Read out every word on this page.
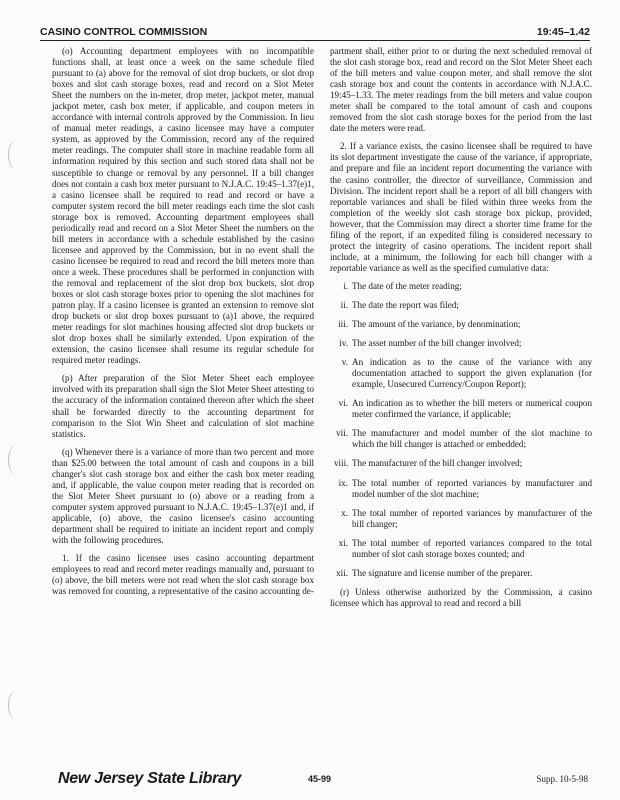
CASINO CONTROL COMMISSION	19:45–1.42

(o) Accounting department employees with no incompatible functions shall, at least once a week on the same schedule filed pursuant to (a) above for the removal of slot drop buckets, or slot drop boxes and slot cash storage boxes, read and record on a Slot Meter Sheet the numbers on the in-meter, drop meter, jackpot meter, manual jackpot meter, cash box meter, if applicable, and coupon meters in accordance with internal controls approved by the Commission. In lieu of manual meter readings, a casino licensee may have a computer system, as approved by the Commission, record any of the required meter readings. The computer shall store in machine readable form all information required by this section and such stored data shall not be susceptible to change or removal by any personnel. If a bill changer does not contain a cash box meter pursuant to N.J.A.C. 19:45–1.37(e)1, a casino licensee shall be required to read and record or have a computer system record the bill meter readings each time the slot cash storage box is removed. Accounting department employees shall periodically read and record on a Slot Meter Sheet the numbers on the bill meters in accordance with a schedule established by the casino licensee and approved by the Commission, but in no event shall the casino licensee be required to read and record the bill meters more than once a week. These procedures shall be performed in conjunction with the removal and replacement of the slot drop box buckets, slot drop boxes or slot cash storage boxes prior to opening the slot machines for patron play. If a casino licensee is granted an extension to remove slot drop buckets or slot drop boxes pursuant to (a)1 above, the required meter readings for slot machines housing affected slot drop buckets or slot drop boxes shall be similarly extended. Upon expiration of the extension, the casino licensee shall resume its regular schedule for required meter readings.

(p) After preparation of the Slot Meter Sheet each employee involved with its preparation shall sign the Slot Meter Sheet attesting to the accuracy of the information contained thereon after which the sheet shall be forwarded directly to the accounting department for comparison to the Slot Win Sheet and calculation of slot machine statistics.

(q) Whenever there is a variance of more than two percent and more than $25.00 between the total amount of cash and coupons in a bill changer's slot cash storage box and either the cash box meter reading and, if applicable, the value coupon meter reading that is recorded on the Slot Meter Sheet pursuant to (o) above or a reading from a computer system approved pursuant to N.J.A.C. 19:45–1.37(e)1 and, if applicable, (o) above, the casino licensee's casino accounting department shall be required to initiate an incident report and comply with the following procedures.

1. If the casino licensee uses casino accounting department employees to read and record meter readings manually and, pursuant to (o) above, the bill meters were not read when the slot cash storage box was removed for counting, a representative of the casino accounting de-

partment shall, either prior to or during the next scheduled removal of the slot cash storage box, read and record on the Slot Meter Sheet each of the bill meters and value coupon meter, and shall remove the slot cash storage box and count the contents in accordance with N.J.A.C. 19:45–1.33. The meter readings from the bill meters and value coupon meter shall be compared to the total amount of cash and coupons removed from the slot cash storage boxes for the period from the last date the meters were read.

2. If a variance exists, the casino licensee shall be required to have its slot department investigate the cause of the variance, if appropriate, and prepare and file an incident report documenting the variance with the casino controller, the director of surveillance, Commission and Division. The incident report shall be a report of all bill changers with reportable variances and shall be filed within three weeks from the completion of the weekly slot cash storage box pickup, provided, however, that the Commission may direct a shorter time frame for the filing of the report, if an expedited filing is considered necessary to protect the integrity of casino operations. The incident report shall include, at a minimum, the following for each bill changer with a reportable variance as well as the specified cumulative data:

i. The date of the meter reading;

ii. The date the report was filed;

iii. The amount of the variance, by denomination;

iv. The asset number of the bill changer involved;

v. An indication as to the cause of the variance with any documentation attached to support the given explanation (for example, Unsecured Currency/Coupon Report);

vi. An indication as to whether the bill meters or numerical coupon meter confirmed the variance, if applicable;

vii. The manufacturer and model number of the slot machine to which the bill changer is attached or embedded;

viii. The manufacturer of the bill changer involved;

ix. The total number of reported variances by manufacturer and model number of the slot machine;

x. The total number of reported variances by manufacturer of the bill changer;

xi. The total number of reported variances compared to the total number of slot cash storage boxes counted; and

xii. The signature and license number of the preparer.

(r) Unless otherwise authorized by the Commission, a casino licensee which has approval to read and record a bill

New Jersey State Library	45-99	Supp. 10-5-98
